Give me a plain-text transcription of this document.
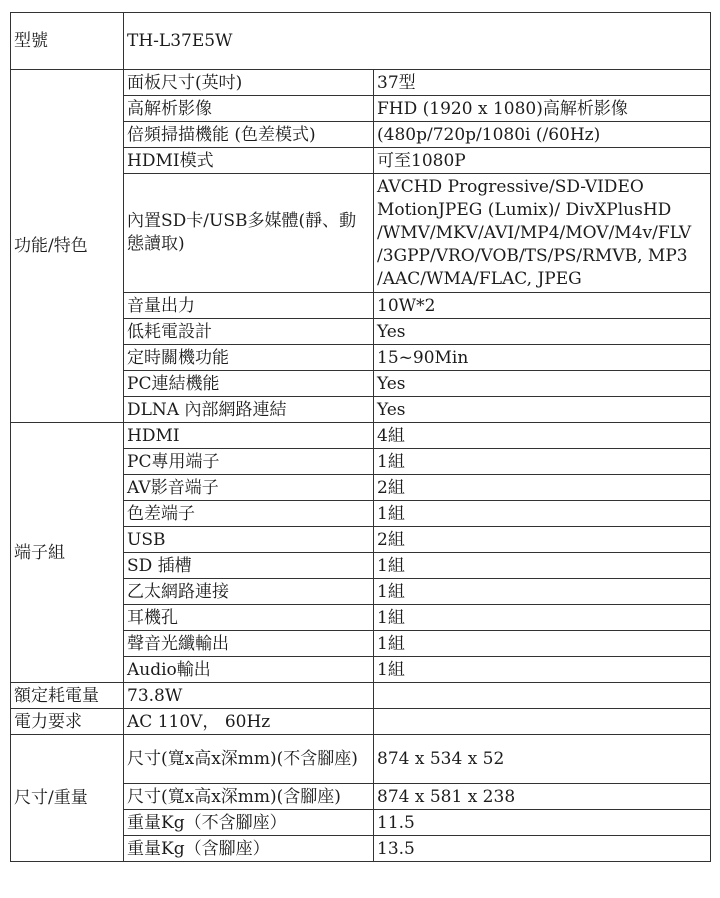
型號	TH-L37E5W	
功能/特色	面板尺寸(英吋)	37型
	高解析影像	FHD (1920 x 1080)高解析影像
	倍頻掃描機能 (色差模式)	(480p/720p/1080i (/60Hz)
	HDMI模式	可至1080P
	內置SD卡/USB多媒體(靜、動態讀取)	AVCHD Progressive/SD-VIDEO MotionJPEG (Lumix)/ DivXPlusHD /WMV/MKV/AVI/MP4/MOV/M4v/FLV /3GPP/VRO/VOB/TS/PS/RMVB, MP3 /AAC/WMA/FLAC, JPEG
	音量出力	10W*2
	低耗電設計	Yes
	定時關機功能	15~90Min
	PC連結機能	Yes
	DLNA 內部網路連結	Yes
端子組	HDMI	4組
	PC專用端子	1組
	AV影音端子	2組
	色差端子	1組
	USB	2組
	SD 插槽	1組
	乙太網路連接	1組
	耳機孔	1組
	聲音光纖輸出	1組
	Audio輸出	1組
額定耗電量	73.8W	
電力要求	AC 110V， 60Hz	
尺寸/重量	尺寸(寬x高x深mm)(不含腳座)	874 x 534 x 52
	尺寸(寬x高x深mm)(含腳座)	874 x 581 x 238
	重量Kg（不含腳座）	11.5
	重量Kg（含腳座）	13.5
